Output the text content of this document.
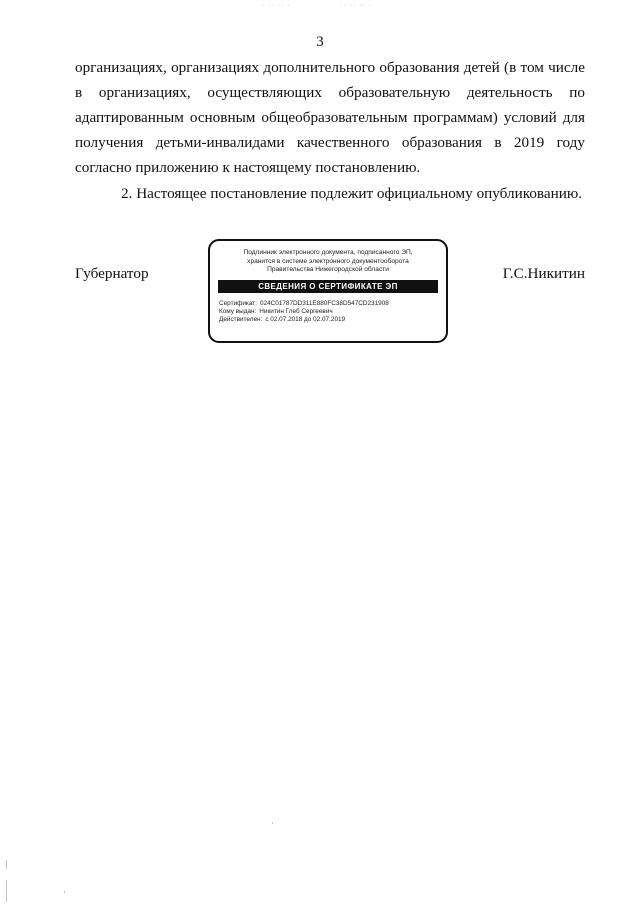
· ·· ·· ·	·· ·· ·· ·
3

организациях, организациях дополнительного образования детей (в том числе в организациях, осуществляющих образовательную деятельность по адаптированным основным общеобразовательным программам) условий для получения детьми-инвалидами качественного образования в 2019 году согласно приложению к настоящему постановлению.

2. Настоящее постановление подлежит официальному опубликованию.

Губернатор
Подлинник электронного документа, подписанного ЭП,
хранится в системе электронного документооборота
Правительства Нижегородской области
СВЕДЕНИЯ О СЕРТИФИКАТЕ ЭП
Сертификат: 024C01787DD311E880FC38D547CD231908
Кому выдан: Никитин Глеб Сергеевич
Действителен: с 02.07.2018 до 02.07.2019
Г.С.Никитин
